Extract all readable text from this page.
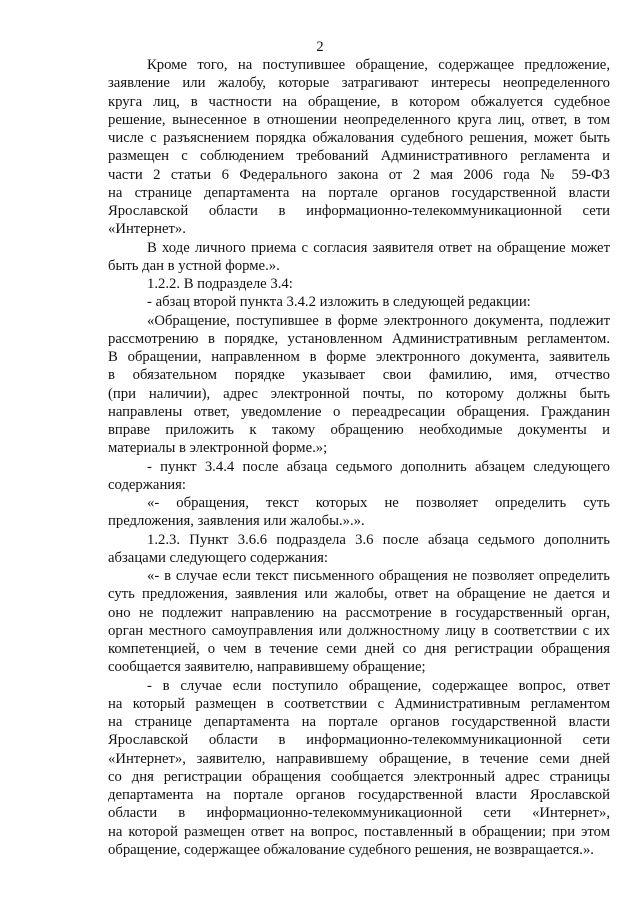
2
Кроме того, на поступившее обращение, содержащее предложение,
заявление или жалобу, которые затрагивают интересы неопределенного
круга лиц, в частности на обращение, в котором обжалуется судебное
решение, вынесенное в отношении неопределенного круга лиц, ответ, в том
числе с разъяснением порядка обжалования судебного решения, может быть
размещен с соблюдением требований Административного регламента и
части 2 статьи 6 Федерального закона от 2 мая 2006 года № 59-ФЗ
на странице департамента на портале органов государственной власти
Ярославской области в информационно-телекоммуникационной сети
«Интернет».
В ходе личного приема с согласия заявителя ответ на обращение может
быть дан в устной форме.».
1.2.2. В подразделе 3.4:
- абзац второй пункта 3.4.2 изложить в следующей редакции:
«Обращение, поступившее в форме электронного документа, подлежит
рассмотрению в порядке, установленном Административным регламентом.
В обращении, направленном в форме электронного документа, заявитель
в обязательном порядке указывает свои фамилию, имя, отчество
(при наличии), адрес электронной почты, по которому должны быть
направлены ответ, уведомление о переадресации обращения. Гражданин
вправе приложить к такому обращению необходимые документы и
материалы в электронной форме.»;
- пункт 3.4.4 после абзаца седьмого дополнить абзацем следующего
содержания:
«- обращения, текст которых не позволяет определить суть
предложения, заявления или жалобы.».».
1.2.3. Пункт 3.6.6 подраздела 3.6 после абзаца седьмого дополнить
абзацами следующего содержания:
«- в случае если текст письменного обращения не позволяет определить
суть предложения, заявления или жалобы, ответ на обращение не дается и
оно не подлежит направлению на рассмотрение в государственный орган,
орган местного самоуправления или должностному лицу в соответствии с их
компетенцией, о чем в течение семи дней со дня регистрации обращения
сообщается заявителю, направившему обращение;
- в случае если поступило обращение, содержащее вопрос, ответ
на который размещен в соответствии с Административным регламентом
на странице департамента на портале органов государственной власти
Ярославской области в информационно-телекоммуникационной сети
«Интернет», заявителю, направившему обращение, в течение семи дней
со дня регистрации обращения сообщается электронный адрес страницы
департамента на портале органов государственной власти Ярославской
области в информационно-телекоммуникационной сети «Интернет»,
на которой размещен ответ на вопрос, поставленный в обращении; при этом
обращение, содержащее обжалование судебного решения, не возвращается.».
